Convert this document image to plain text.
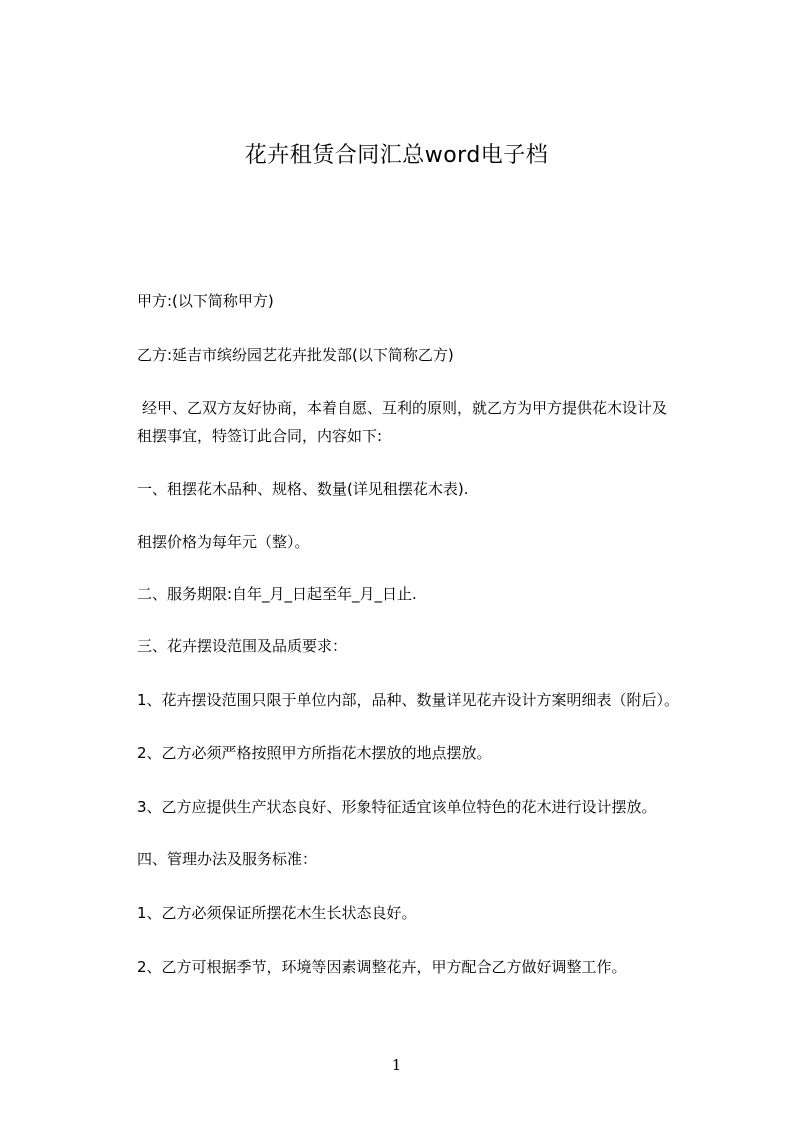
花卉租赁合同汇总word电子档
甲方:(以下简称甲方)
乙方:延吉市缤纷园艺花卉批发部(以下简称乙方)
经甲、乙双方友好协商，本着自愿、互利的原则，就乙方为甲方提供花木设计及
租摆事宜，特签订此合同，内容如下:
一、租摆花木品种、规格、数量(详见租摆花木表).
租摆价格为每年元（整）。
二、服务期限:自年_月_日起至年_月_日止.
三、花卉摆设范围及品质要求：
1、花卉摆设范围只限于单位内部，品种、数量详见花卉设计方案明细表（附后）。
2、乙方必须严格按照甲方所指花木摆放的地点摆放。
3、乙方应提供生产状态良好、形象特征适宜该单位特色的花木进行设计摆放。
四、管理办法及服务标准：
1、乙方必须保证所摆花木生长状态良好。
2、乙方可根据季节，环境等因素调整花卉，甲方配合乙方做好调整工作。
1
